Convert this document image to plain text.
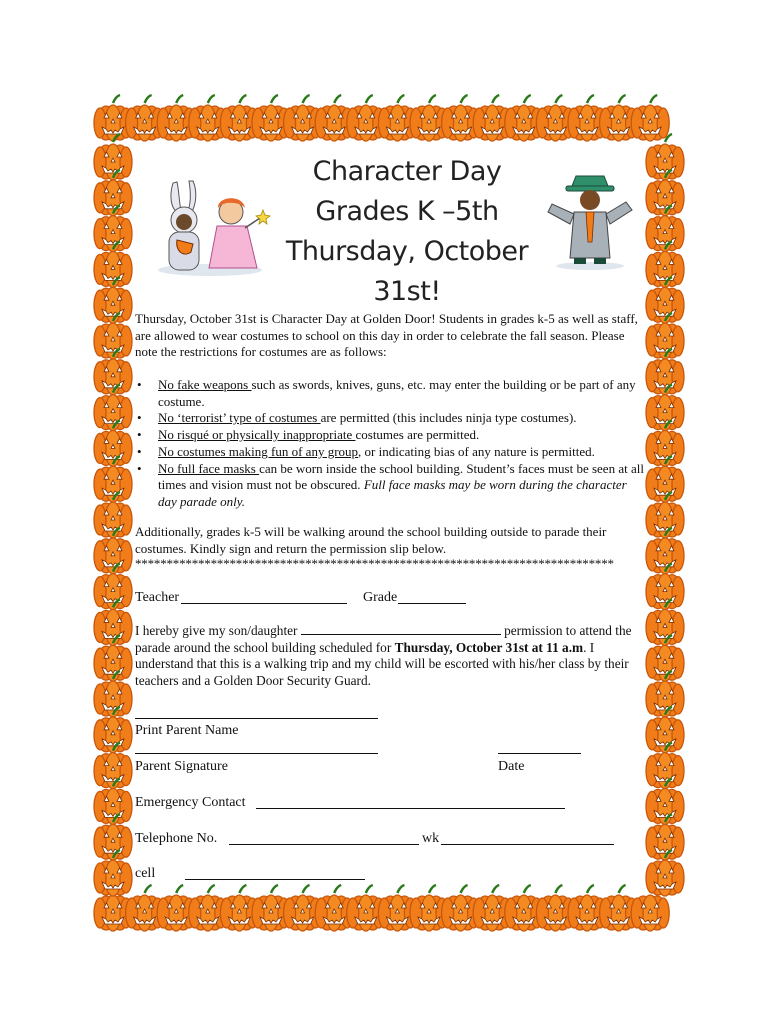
Character Day
Grades K –5th
Thursday, October
31st!
Thursday, October 31st is Character Day at Golden Door! Students in grades k-5 as well as staff, are allowed to wear costumes to school on this day in order to celebrate the fall season. Please note the restrictions for costumes are as follows:
• No fake weapons such as swords, knives, guns, etc. may enter the building or be part of any costume.
• No ‘terrorist’ type of costumes are permitted (this includes ninja type costumes).
• No risqué or physically inappropriate costumes are permitted.
• No costumes making fun of any group, or indicating bias of any nature is permitted.
• No full face masks can be worn inside the school building. Student’s faces must be seen at all times and vision must not be obscured. Full face masks may be worn during the character day parade only.
Additionally, grades k-5 will be walking around the school building outside to parade their costumes. Kindly sign and return the permission slip below.
****************************************************************************
Teacher	Grade
I hereby give my son/daughter	permission to attend the parade around the school building scheduled for Thursday, October 31st at 11 a.m. I understand that this is a walking trip and my child will be escorted with his/her class by their teachers and a Golden Door Security Guard.
Print Parent Name
Parent Signature	Date
Emergency Contact
Telephone No.	wk
cell
